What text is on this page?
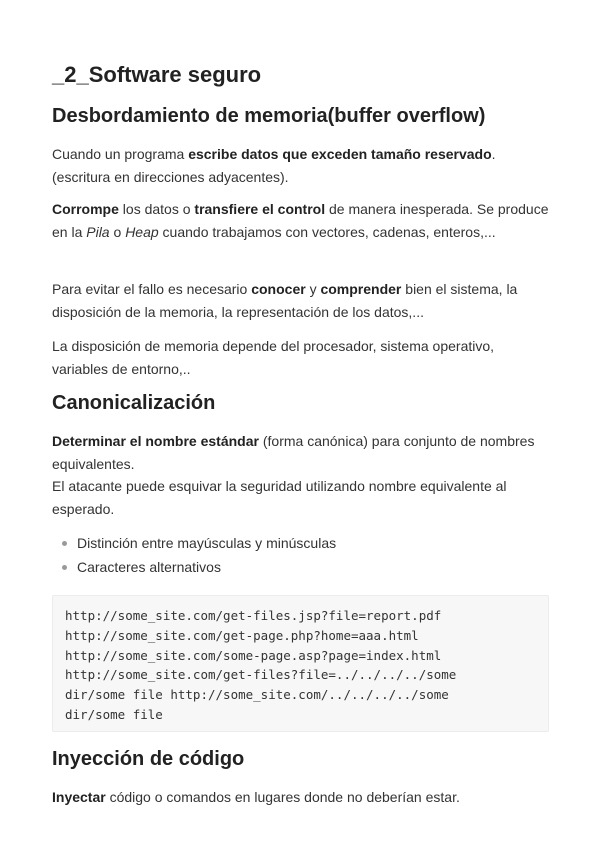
_2_Software seguro
Desbordamiento de memoria(buffer overflow)

Cuando un programa escribe datos que exceden tamaño reservado.
(escritura en direcciones adyacentes).

Corrompe los datos o transfiere el control de manera inesperada. Se produce en la Pila o Heap cuando trabajamos con vectores, cadenas, enteros,...

Para evitar el fallo es necesario conocer y comprender bien el sistema, la disposición de la memoria, la representación de los datos,...

La disposición de memoria depende del procesador, sistema operativo, variables de entorno,..

Canonicalización

Determinar el nombre estándar (forma canónica) para conjunto de nombres equivalentes.
El atacante puede esquivar la seguridad utilizando nombre equivalente al esperado.

Distinción entre mayúsculas y minúsculas
Caracteres alternativos
http://some_site.com/get-files.jsp?file=report.pdf
http://some_site.com/get-page.php?home=aaa.html
http://some_site.com/some-page.asp?page=index.html
http://some_site.com/get-files?file=../../../../some
dir/some file http://some_site.com/../../../../some
dir/some file
Inyección de código

Inyectar código o comandos en lugares donde no deberían estar.
